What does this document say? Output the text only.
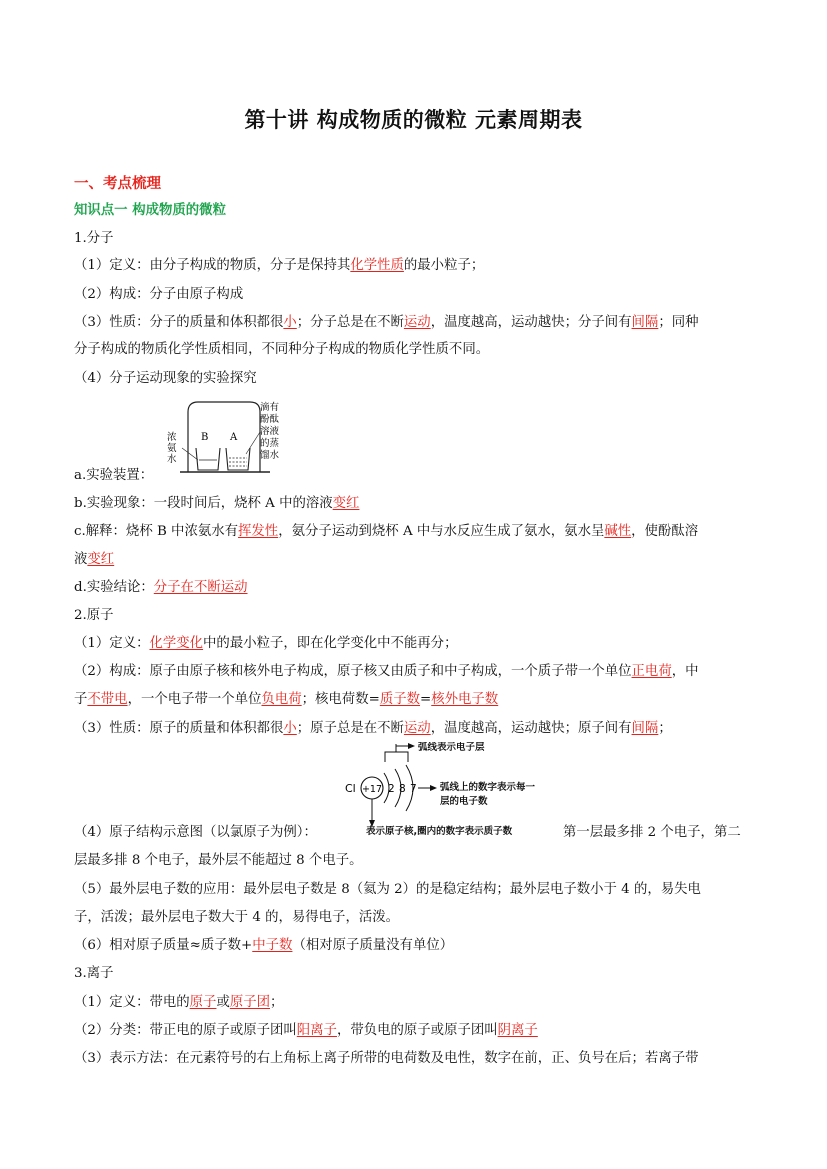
第十讲 构成物质的微粒 元素周期表
一、考点梳理
知识点一 构成物质的微粒
1.分子
（1）定义：由分子构成的物质，分子是保持其化学性质的最小粒子；
（2）构成：分子由原子构成
（3）性质：分子的质量和体积都很小；分子总是在不断运动，温度越高，运动越快；分子间有间隔；同种
分子构成的物质化学性质相同，不同种分子构成的物质化学性质不同。
（4）分子运动现象的实验探究
B A
浓
氨
水
滴有
酚酞
溶液
的蒸
馏水
a.实验装置：
b.实验现象：一段时间后，烧杯 A 中的溶液变红
c.解释：烧杯 B 中浓氨水有挥发性，氨分子运动到烧杯 A 中与水反应生成了氨水，氨水呈碱性，使酚酞溶
液变红
d.实验结论：分子在不断运动
2.原子
（1）定义：化学变化中的最小粒子，即在化学变化中不能再分；
（2）构成：原子由原子核和核外电子构成，原子核又由质子和中子构成，一个质子带一个单位正电荷，中
子不带电，一个电子带一个单位负电荷；核电荷数=质子数=核外电子数
（3）性质：原子的质量和体积都很小；原子总是在不断运动，温度越高，运动越快；原子间有间隔；
Cl +17 2 8 7
弧线表示电子层
弧线上的数字表示每一
层的电子数
表示原子核,圈内的数字表示质子数
（4）原子结构示意图（以氯原子为例）：	第一层最多排 2 个电子，第二
层最多排 8 个电子，最外层不能超过 8 个电子。
（5）最外层电子数的应用：最外层电子数是 8（氦为 2）的是稳定结构；最外层电子数小于 4 的，易失电
子，活泼；最外层电子数大于 4 的，易得电子，活泼。
（6）相对原子质量≈质子数+中子数（相对原子质量没有单位）
3.离子
（1）定义：带电的原子或原子团；
（2）分类：带正电的原子或原子团叫阳离子，带负电的原子或原子团叫阴离子
（3）表示方法：在元素符号的右上角标上离子所带的电荷数及电性，数字在前，正、负号在后；若离子带
